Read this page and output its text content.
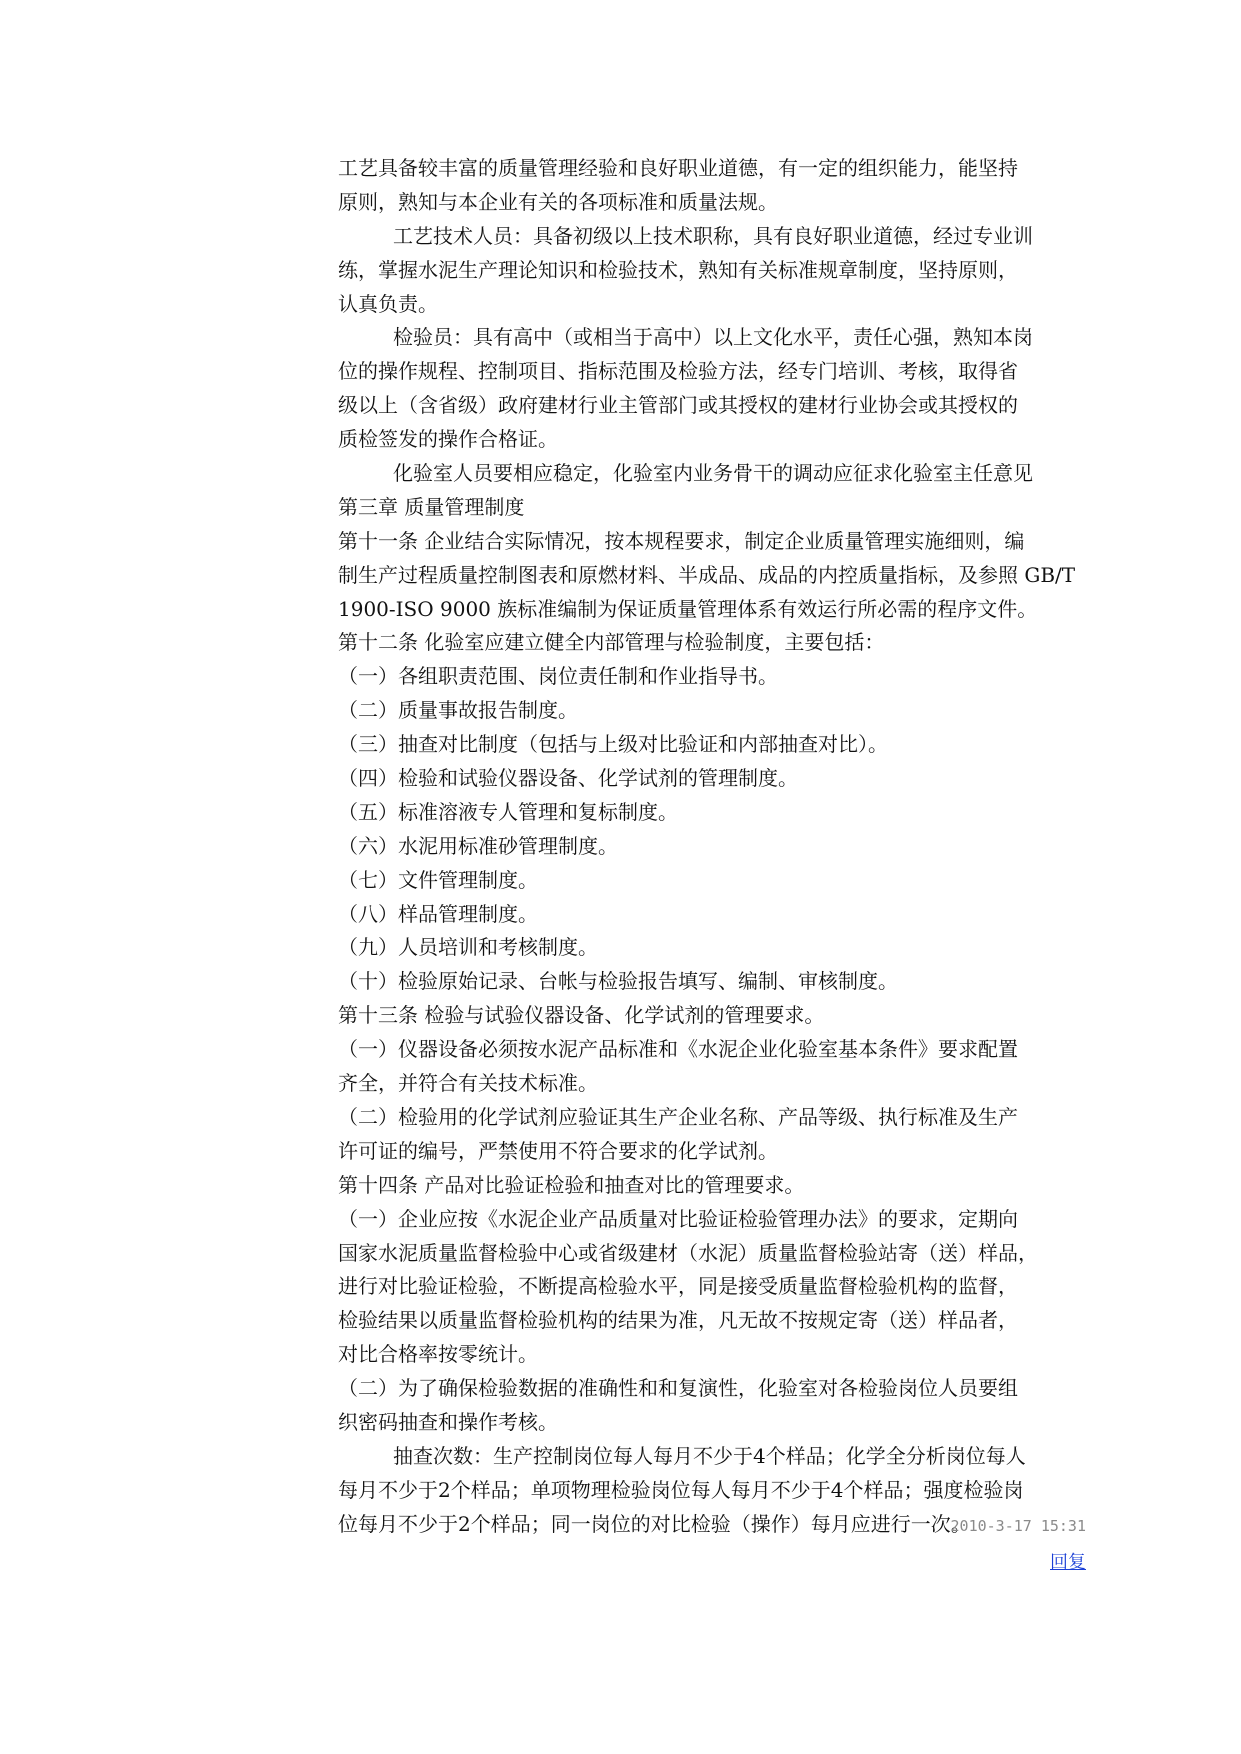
工艺具备较丰富的质量管理经验和良好职业道德，有一定的组织能力，能坚持
原则，熟知与本企业有关的各项标准和质量法规。
工艺技术人员：具备初级以上技术职称，具有良好职业道德，经过专业训
练，掌握水泥生产理论知识和检验技术，熟知有关标准规章制度，坚持原则，
认真负责。
检验员：具有高中（或相当于高中）以上文化水平，责任心强，熟知本岗
位的操作规程、控制项目、指标范围及检验方法，经专门培训、考核，取得省
级以上（含省级）政府建材行业主管部门或其授权的建材行业协会或其授权的
质检签发的操作合格证。
化验室人员要相应稳定，化验室内业务骨干的调动应征求化验室主任意见
第三章 质量管理制度
第十一条 企业结合实际情况，按本规程要求，制定企业质量管理实施细则，编
制生产过程质量控制图表和原燃材料、半成品、成品的内控质量指标，及参照 GB/T
1900-ISO 9000 族标准编制为保证质量管理体系有效运行所必需的程序文件。
第十二条 化验室应建立健全内部管理与检验制度，主要包括：
（一）各组职责范围、岗位责任制和作业指导书。
（二）质量事故报告制度。
（三）抽查对比制度（包括与上级对比验证和内部抽查对比）。
（四）检验和试验仪器设备、化学试剂的管理制度。
（五）标准溶液专人管理和复标制度。
（六）水泥用标准砂管理制度。
（七）文件管理制度。
（八）样品管理制度。
（九）人员培训和考核制度。
（十）检验原始记录、台帐与检验报告填写、编制、审核制度。
第十三条 检验与试验仪器设备、化学试剂的管理要求。
（一）仪器设备必须按水泥产品标准和《水泥企业化验室基本条件》要求配置
齐全，并符合有关技术标准。
（二）检验用的化学试剂应验证其生产企业名称、产品等级、执行标准及生产
许可证的编号，严禁使用不符合要求的化学试剂。
第十四条 产品对比验证检验和抽查对比的管理要求。
（一）企业应按《水泥企业产品质量对比验证检验管理办法》的要求，定期向
国家水泥质量监督检验中心或省级建材（水泥）质量监督检验站寄（送）样品，
进行对比验证检验，不断提高检验水平，同是接受质量监督检验机构的监督，
检验结果以质量监督检验机构的结果为准，凡无故不按规定寄（送）样品者，
对比合格率按零统计。
（二）为了确保检验数据的准确性和和复演性，化验室对各检验岗位人员要组
织密码抽查和操作考核。
抽查次数：生产控制岗位每人每月不少于4个样品；化学全分析岗位每人
每月不少于2个样品；单项物理检验岗位每人每月不少于4个样品；强度检验岗
位每月不少于2个样品；同一岗位的对比检验（操作）每月应进行一次。
2010-3-17 15:31
回复
